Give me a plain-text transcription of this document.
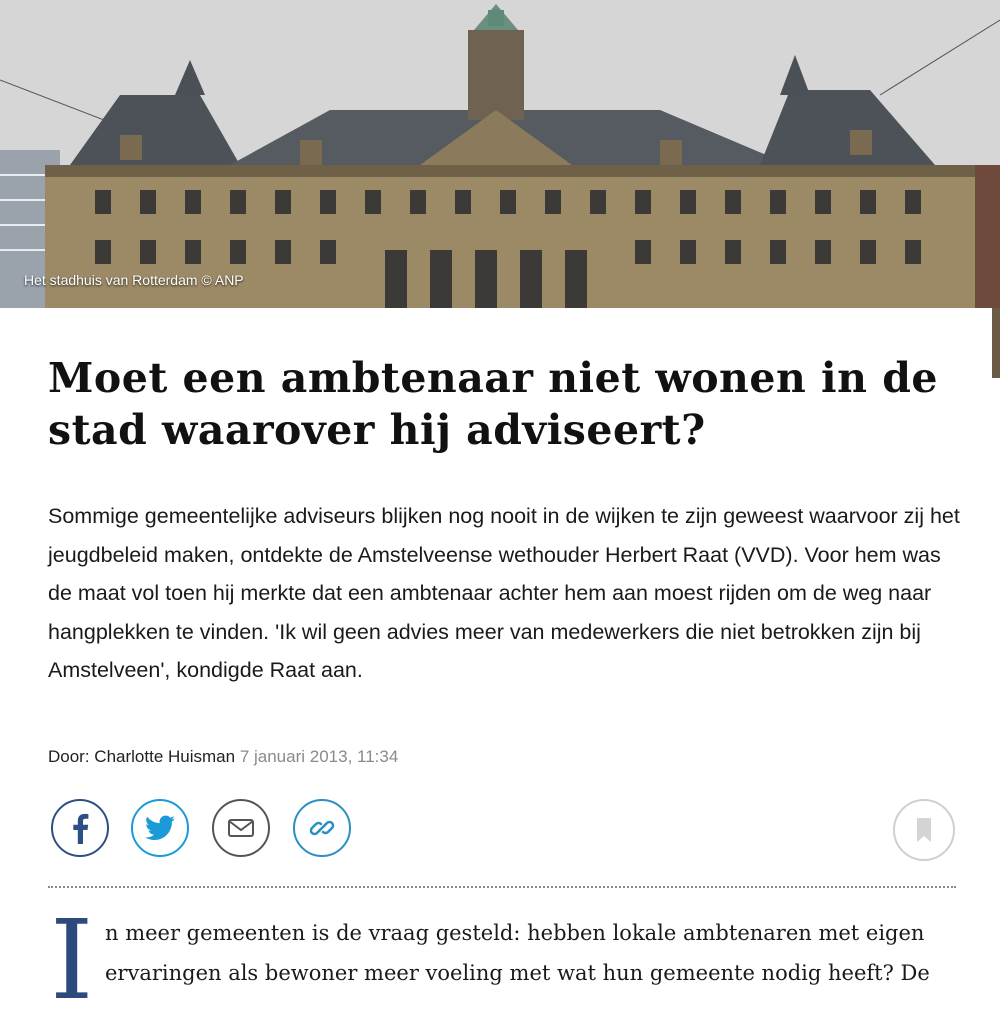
Het stadhuis van Rotterdam © ANP
Moet een ambtenaar niet wonen in de stad waarover hij adviseert?

Sommige gemeentelijke adviseurs blijken nog nooit in de wijken te zijn geweest waarvoor zij het jeugdbeleid maken, ontdekte de Amstelveense wethouder Herbert Raat (VVD). Voor hem was de maat vol toen hij merkte dat een ambtenaar achter hem aan moest rijden om de weg naar hangplekken te vinden. 'Ik wil geen advies meer van medewerkers die niet betrokken zijn bij Amstelveen', kondigde Raat aan.

Door: Charlotte Huisman 7 januari 2013, 11:34
I n meer gemeenten is de vraag gesteld: hebben lokale ambtenaren met eigen ervaringen als bewoner meer voeling met wat hun gemeente nodig heeft? De
